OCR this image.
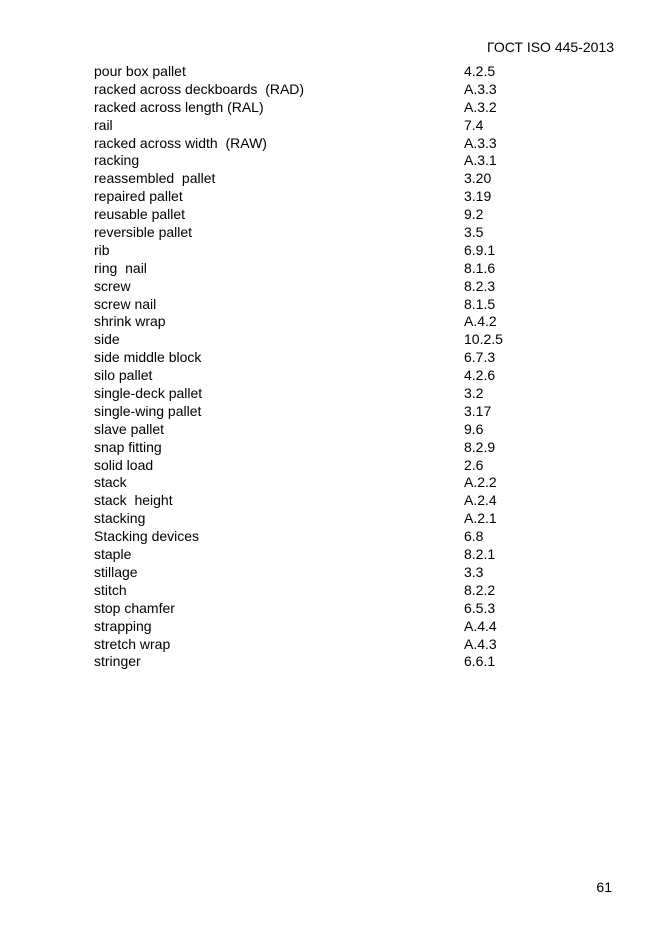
ГОСТ ISO 445-2013
pour box pallet	4.2.5
racked across deckboards  (RAD)	A.3.3
racked across length (RAL)	A.3.2
rail	7.4
racked across width  (RAW)	A.3.3
racking	A.3.1
reassembled  pallet	3.20
repaired pallet	3.19
reusable pallet	9.2
reversible pallet	3.5
rib	6.9.1
ring  nail	8.1.6
screw	8.2.3
screw nail	8.1.5
shrink wrap	A.4.2
side	10.2.5
side middle block	6.7.3
silo pallet	4.2.6
single-deck pallet	3.2
single-wing pallet	3.17
slave pallet	9.6
snap fitting	8.2.9
solid load	2.6
stack	A.2.2
stack  height	A.2.4
stacking	A.2.1
Stacking devices	6.8
staple	8.2.1
stillage	3.3
stitch	8.2.2
stop chamfer	6.5.3
strapping	A.4.4
stretch wrap	A.4.3
stringer	6.6.1
61
